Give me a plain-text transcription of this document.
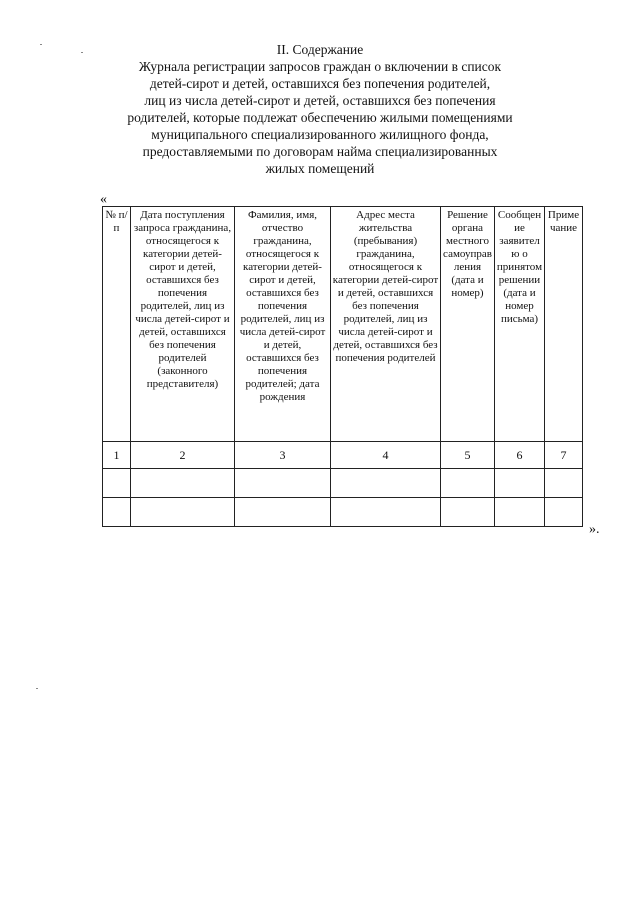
II. Содержание
Журнала регистрации запросов граждан о включении в список
детей-сирот и детей, оставшихся без попечения родителей,
лиц из числа детей-сирот и детей, оставшихся без попечения
родителей, которые подлежат обеспечению жилыми помещениями
муниципального специализированного жилищного фонда,
предоставляемыми по договорам найма специализированных
жилых помещений
«
№ п/п	Дата поступления запроса гражданина, относящегося к категории детей-сирот и детей, оставшихся без попечения родителей, лиц из числа детей-сирот и детей, оставшихся без попечения родителей (законного представителя)	Фамилия, имя, отчество гражданина, относящегося к категории детей-сирот и детей, оставшихся без попечения родителей, лиц из числа детей-сирот и детей, оставшихся без попечения родителей; дата рождения	Адрес места жительства (пребывания) гражданина, относящегося к категории детей-сирот и детей, оставшихся без попечения родителей, лиц из числа детей-сирот и детей, оставшихся без попечения родителей	Решение органа местного самоуправления (дата и номер)	Сообщение заявителю о принятом решении (дата и номер письма)	Примечание
1	2	3	4	5	6	7

».
